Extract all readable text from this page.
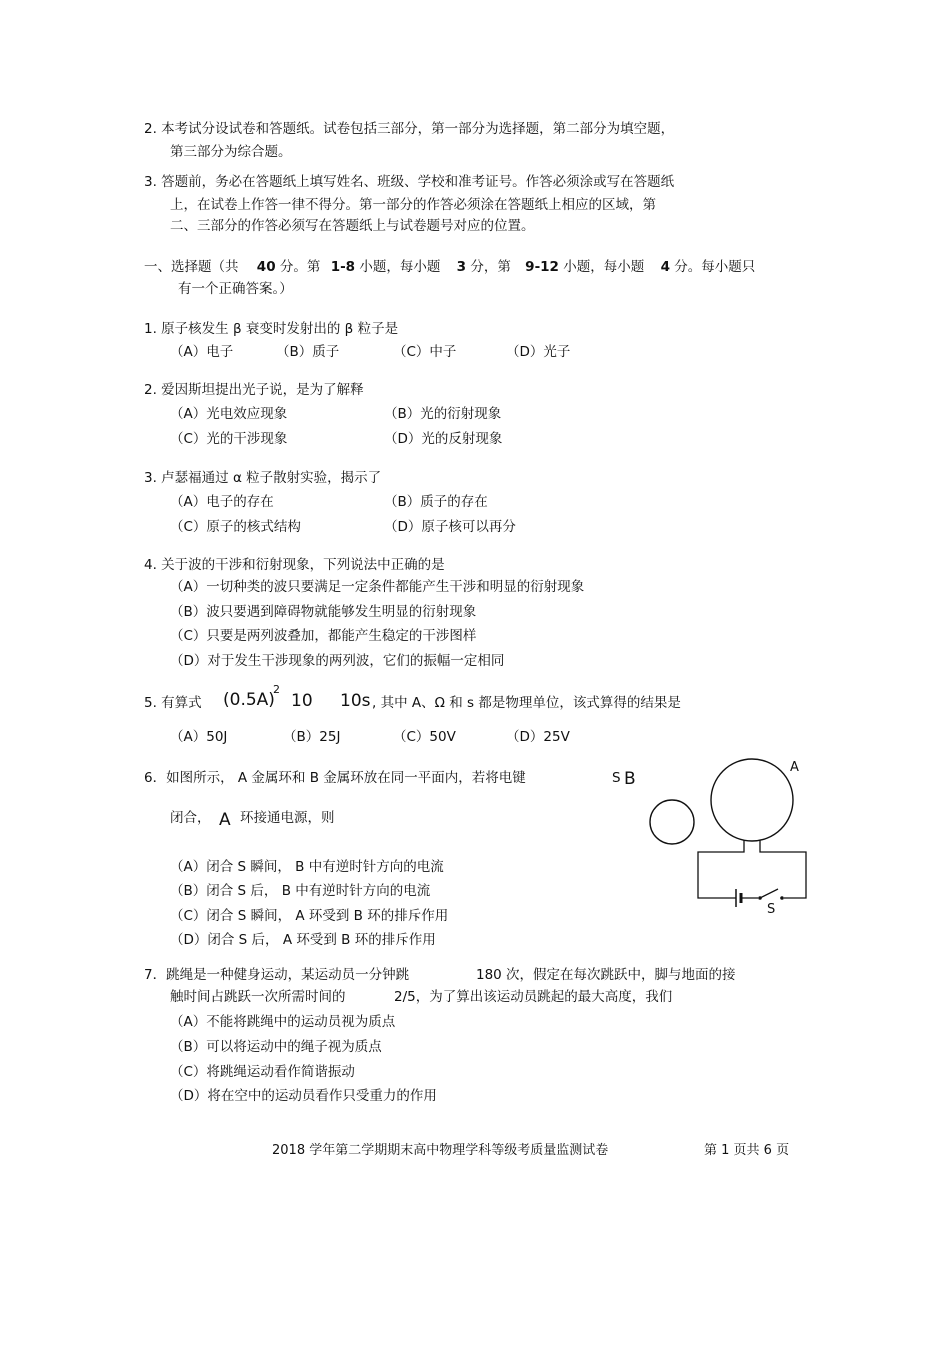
2. 本考试分设试卷和答题纸。试卷包括三部分，第一部分为选择题，第二部分为填空题，
第三部分为综合题。
3. 答题前，务必在答题纸上填写姓名、班级、学校和准考证号。作答必须涂或写在答题纸
上，在试卷上作答一律不得分。第一部分的作答必须涂在答题纸上相应的区域，第
二、三部分的作答必须写在答题纸上与试卷题号对应的位置。
一、选择题（共 40 分。第 1-8 小题，每小题 3 分，第 9-12 小题，每小题 4 分。每小题只
有一个正确答案。）
1. 原子核发生 β 衰变时发射出的 β 粒子是
（A）电子	（B）质子	（C）中子	（D）光子
2. 爱因斯坦提出光子说，是为了解释
（A）光电效应现象	（B）光的衍射现象
（C）光的干涉现象	（D）光的反射现象
3. 卢瑟福通过 α 粒子散射实验，揭示了
（A）电子的存在	（B）质子的存在
（C）原子的核式结构	（D）原子核可以再分
4. 关于波的干涉和衍射现象，下列说法中正确的是
（A）一切种类的波只要满足一定条件都能产生干涉和明显的衍射现象
（B）波只要遇到障碍物就能够发生明显的衍射现象
（C）只要是两列波叠加，都能产生稳定的干涉图样
（D）对于发生干涉现象的两列波，它们的振幅一定相同
5. 有算式 (0.5A)
2
10 10s , 其中 A、Ω 和 s 都是物理单位，该式算得的结果是
（A）50J	（B）25J	（C）50V	（D）25V
6．如图所示， A 金属环和 B 金属环放在同一平面内，若将电键	S B
闭合， A 环接通电源，则
（A）闭合 S 瞬间， B 中有逆时针方向的电流
（B）闭合 S 后， B 中有逆时针方向的电流
（C）闭合 S 瞬间， A 环受到 B 环的排斥作用
（D）闭合 S 后， A 环受到 B 环的排斥作用
A
S
7．跳绳是一种健身运动，某运动员一分钟跳	180 次，假定在每次跳跃中，脚与地面的接
触时间占跳跃一次所需时间的	2/5，为了算出该运动员跳起的最大高度，我们
（A）不能将跳绳中的运动员视为质点
（B）可以将运动中的绳子视为质点
（C）将跳绳运动看作简谐振动
（D）将在空中的运动员看作只受重力的作用
2018 学年第二学期期末高中物理学科等级考质量监测试卷	第 1 页共 6 页
